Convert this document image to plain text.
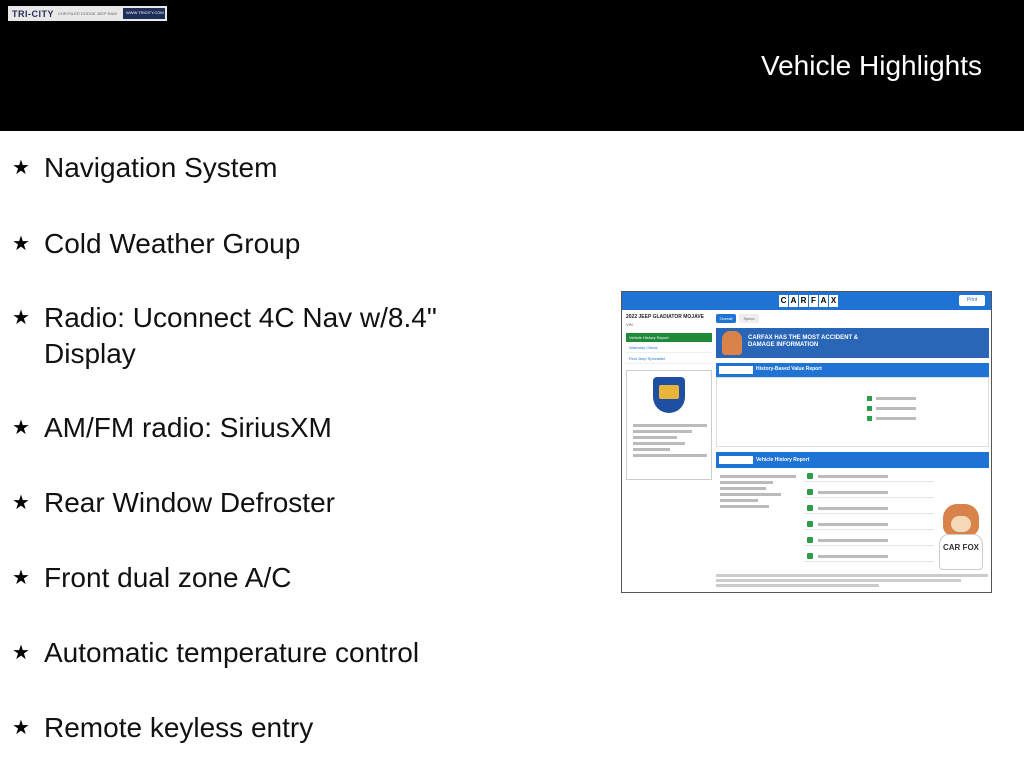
TRI-CITY CHRYSLER DODGE JEEP RAM	WWW.TRICITY.COM
Vehicle Highlights
★ Navigation System
★ Cold Weather Group
★ Radio: Uconnect 4C Nav w/8.4" Display
★ AM/FM radio: SiriusXM
★ Rear Window Defroster
★ Front dual zone A/C
★ Automatic temperature control
★ Remote keyless entry
C A R F A X	Print
2022 JEEP GLADIATOR MOJAVE
VIN
Vehicle History Report
Warranty Check
Find Jeep Specialist
Overall	Specs
CARFAX HAS THE MOST ACCIDENT & DAMAGE INFORMATION
History-Based Value Report
Vehicle History Report
CAR FOX
